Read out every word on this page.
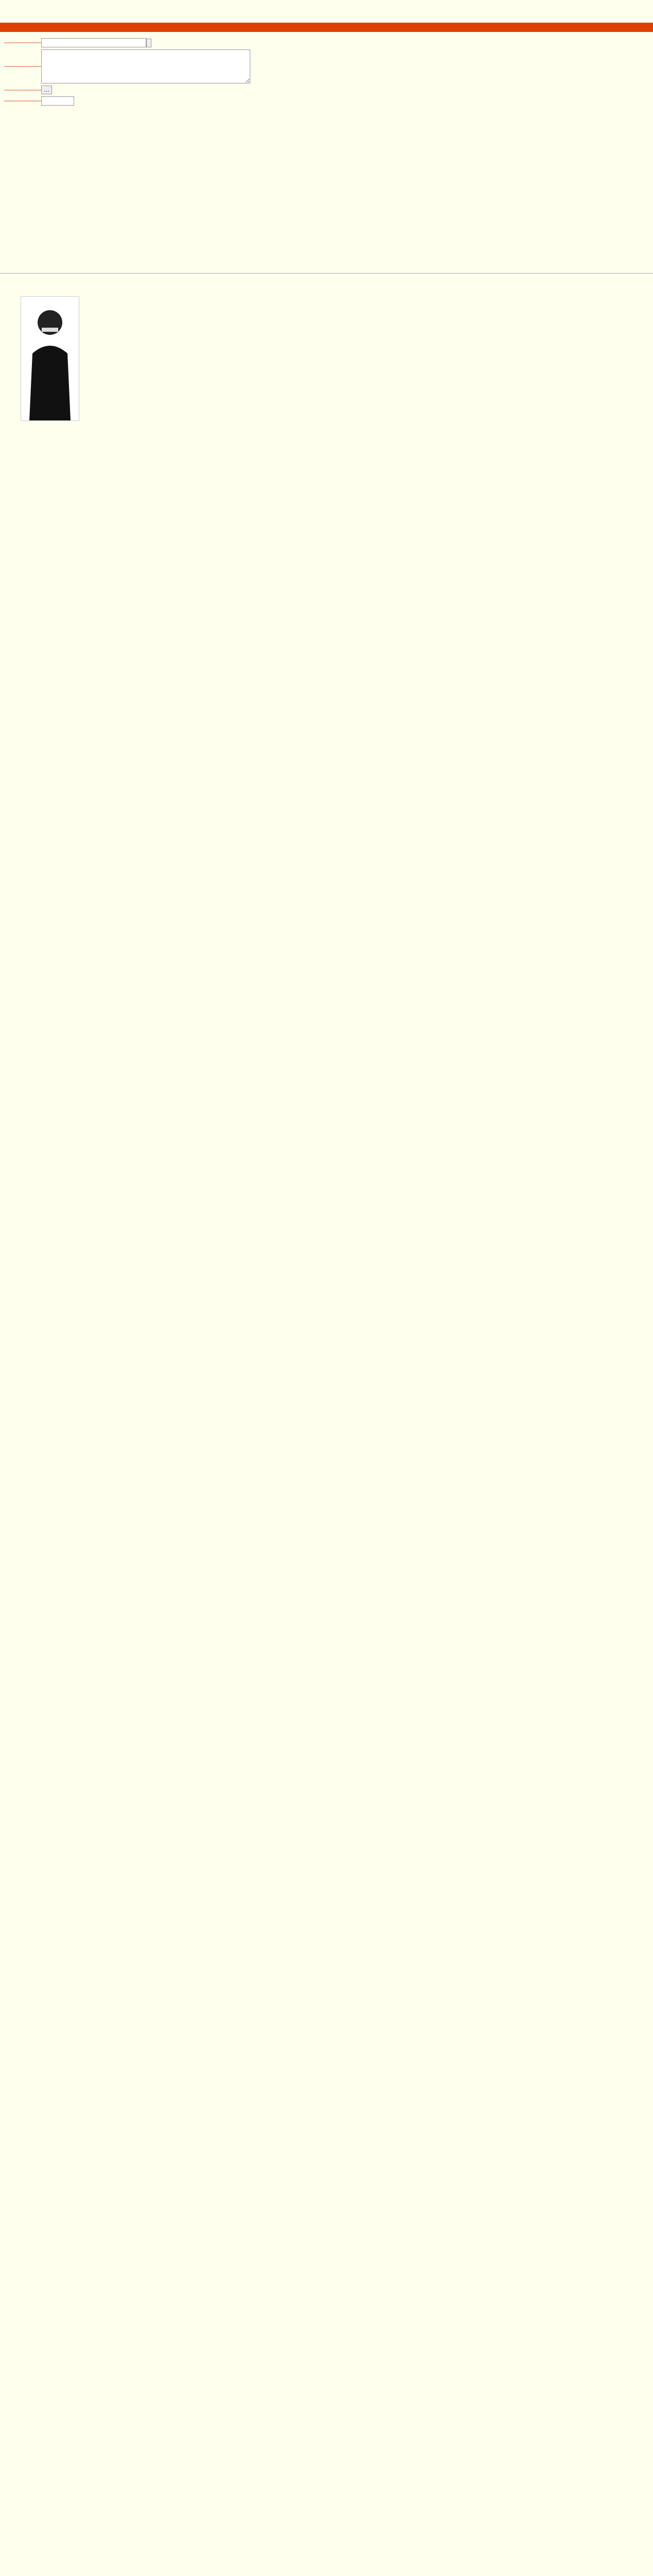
…
